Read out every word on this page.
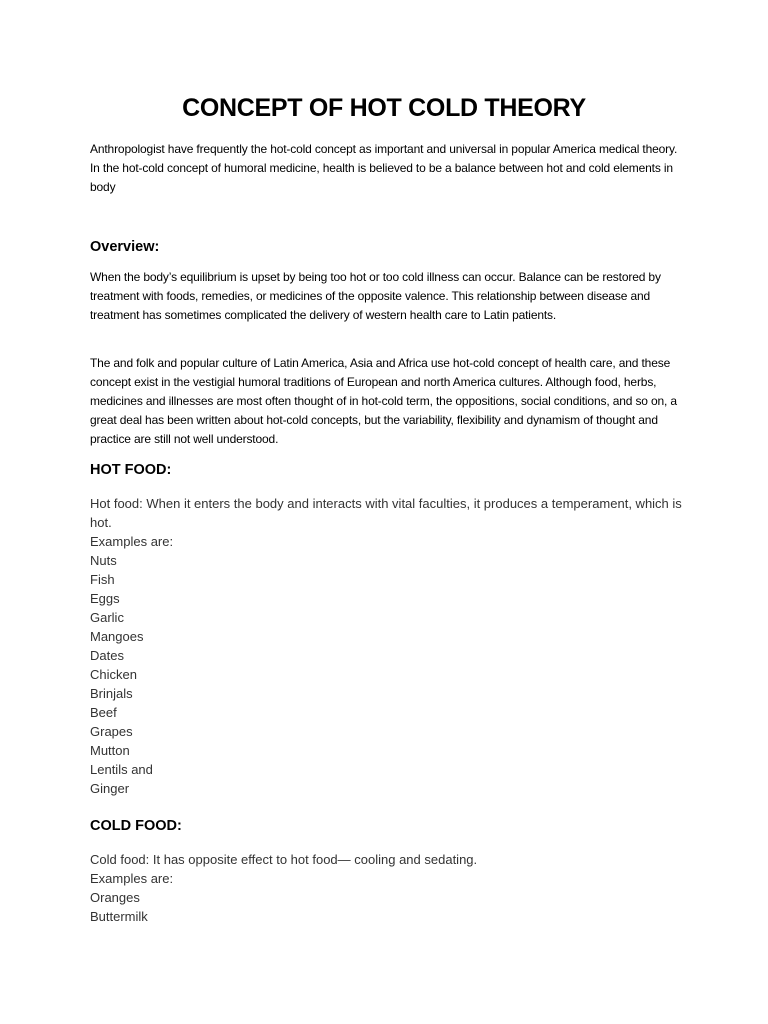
CONCEPT OF HOT COLD THEORY

Anthropologist have frequently the hot-cold concept as important and universal in popular America medical theory. In the hot-cold concept of humoral medicine, health is believed to be a balance between hot and cold elements in body

Overview:

When the body’s equilibrium is upset by being too hot or too cold illness can occur. Balance can be restored by treatment with foods, remedies, or medicines of the opposite valence. This relationship between disease and treatment has sometimes complicated the delivery of western health care to Latin patients.

The and folk and popular culture of Latin America, Asia and Africa use hot-cold concept of health care, and these concept exist in the vestigial humoral traditions of European and north America cultures. Although food, herbs, medicines and illnesses are most often thought of in hot-cold term, the oppositions, social conditions, and so on, a great deal has been written about hot-cold concepts, but the variability, flexibility and dynamism of thought and practice are still not well understood.

HOT FOOD:

Hot food: When it enters the body and interacts with vital faculties, it produces a temperament, which is hot.

Examples are:

Nuts
Fish
Eggs
Garlic
Mangoes
Dates
Chicken
Brinjals
Beef
Grapes
Mutton
Lentils and
Ginger
COLD FOOD:

Cold food: It has opposite effect to hot food— cooling and sedating.

Examples are:

Oranges
Buttermilk
